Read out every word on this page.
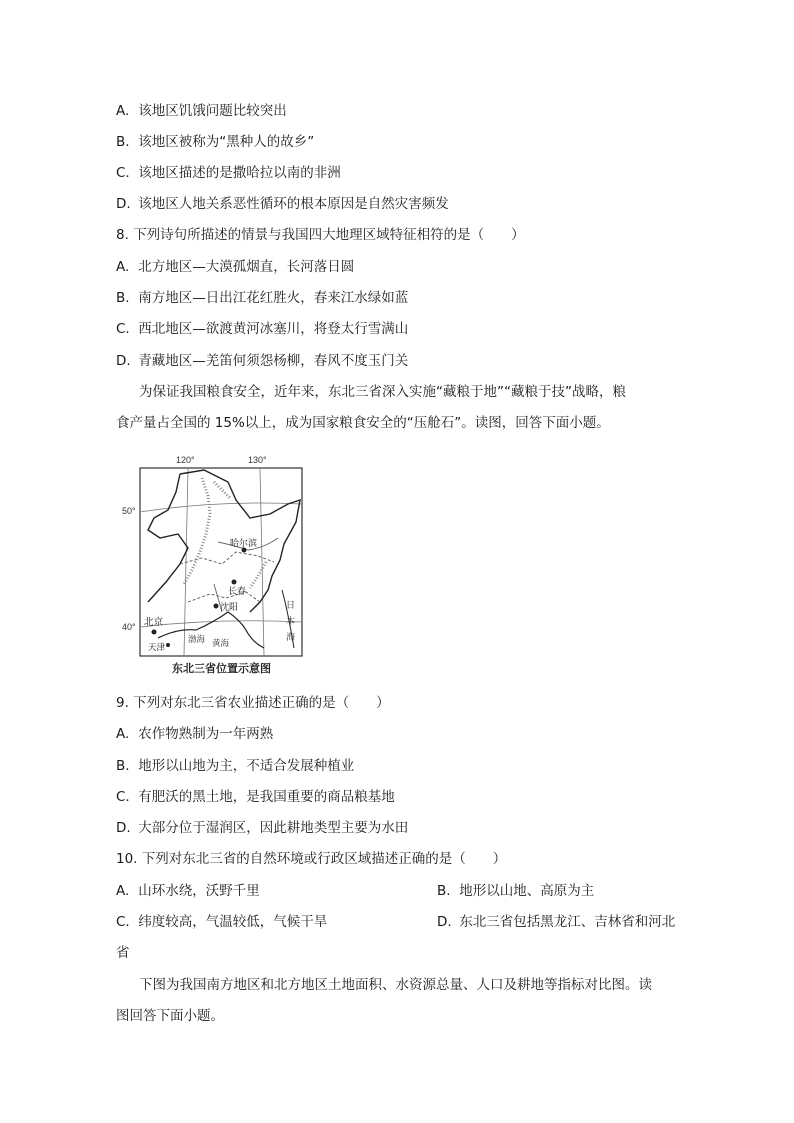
A. 该地区饥饿问题比较突出
B. 该地区被称为“黑种人的故乡”
C. 该地区描述的是撒哈拉以南的非洲
D. 该地区人地关系恶性循环的根本原因是自然灾害频发
8. 下列诗句所描述的情景与我国四大地理区域特征相符的是（　　）
A. 北方地区—大漠孤烟直，长河落日圆
B. 南方地区—日出江花红胜火，春来江水绿如蓝
C. 西北地区—欲渡黄河冰塞川，将登太行雪满山
D. 青藏地区—羌笛何须怨杨柳，春风不度玉门关
为保证我国粮食安全，近年来，东北三省深入实施“藏粮于地”“藏粮于技”战略，粮
食产量占全国的 15%以上，成为国家粮食安全的“压舱石”。读图，回答下面小题。
120°	130°
50°
40°
哈尔滨
长春
沈阳
北京
天津
渤海 黄海
日
本
海
东北三省位置示意图
9. 下列对东北三省农业描述正确的是（　　）
A. 农作物熟制为一年两熟
B. 地形以山地为主，不适合发展种植业
C. 有肥沃的黑土地，是我国重要的商品粮基地
D. 大部分位于湿润区，因此耕地类型主要为水田
10. 下列对东北三省的自然环境或行政区域描述正确的是（　　）
A. 山环水绕，沃野千里	B. 地形以山地、高原为主
C. 纬度较高，气温较低，气候干旱	D. 东北三省包括黑龙江、吉林省和河北
省
下图为我国南方地区和北方地区土地面积、水资源总量、人口及耕地等指标对比图。读
图回答下面小题。
